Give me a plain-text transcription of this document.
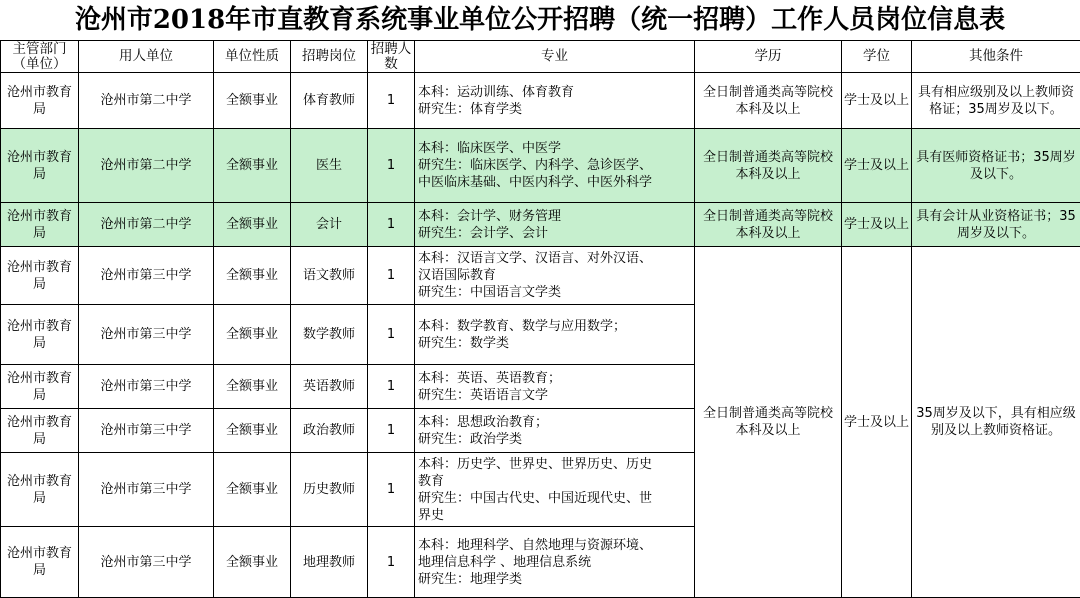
沧州市2018年市直教育系统事业单位公开招聘（统一招聘）工作人员岗位信息表
主管部门（单位）	用人单位	单位性质	招聘岗位	招聘人数	专业	学历	学位	其他条件
沧州市教育局	沧州市第二中学	全额事业	体育教师	1	本科：运动训练、体育教育
研究生：体育学类	全日制普通类高等院校本科及以上	学士及以上	具有相应级别及以上教师资格证；35周岁及以下。
沧州市教育局	沧州市第二中学	全额事业	医生	1	本科：临床医学、中医学
研究生：临床医学、内科学、急诊医学、
中医临床基础、中医内科学、中医外科学	全日制普通类高等院校本科及以上	学士及以上	具有医师资格证书；35周岁及以下。
沧州市教育局	沧州市第二中学	全额事业	会计	1	本科：会计学、财务管理
研究生：会计学、会计	全日制普通类高等院校本科及以上	学士及以上	具有会计从业资格证书；35周岁及以下。
沧州市教育局	沧州市第三中学	全额事业	语文教师	1	本科：汉语言文学、汉语言、对外汉语、
汉语国际教育
研究生：中国语言文学类	全日制普通类高等院校本科及以上	学士及以上	35周岁及以下，具有相应级别及以上教师资格证。
沧州市教育局	沧州市第三中学	全额事业	数学教师	1	本科：数学教育、数学与应用数学；
研究生：数学类			

沧州市教育局	沧州市第三中学	全额事业	英语教师	1	本科：英语、英语教育；
研究生：英语语言文学			

沧州市教育局	沧州市第三中学	全额事业	政治教师	1	本科：思想政治教育；
研究生：政治学类			

沧州市教育局	沧州市第三中学	全额事业	历史教师	1	本科：历史学、世界史、世界历史、历史
教育
研究生：中国古代史、中国近现代史、世
界史			

沧州市教育局	沧州市第三中学	全额事业	地理教师	1	本科：地理科学、自然地理与资源环境、
地理信息科学 、地理信息系统
研究生：地理学类			
